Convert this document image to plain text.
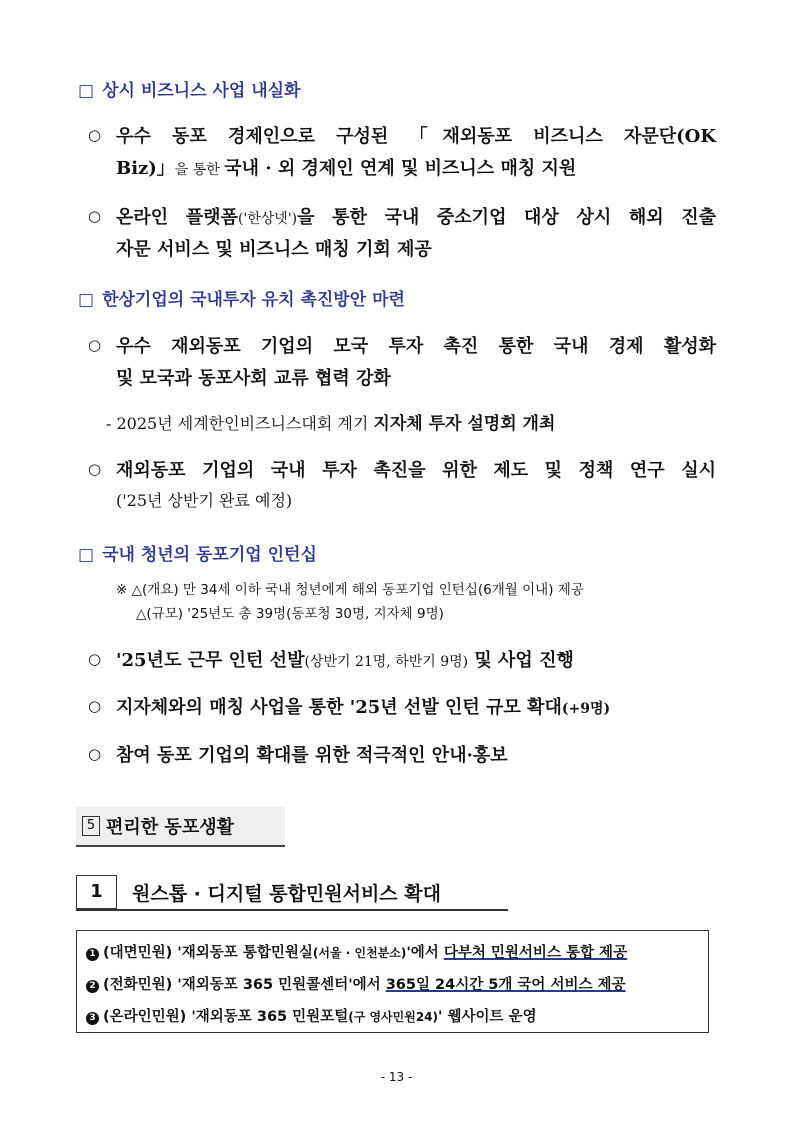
□ 상시 비즈니스 사업 내실화
○ 우수 동포 경제인으로 구성된 「재외동포 비즈니스 자문단(OK
Biz)」을 통한 국내 · 외 경제인 연계 및 비즈니스 매칭 지원
○ 온라인 플랫폼('한상넷')을 통한 국내 중소기업 대상 상시 해외 진출
자문 서비스 및 비즈니스 매칭 기회 제공
□ 한상기업의 국내투자 유치 촉진방안 마련
○ 우수 재외동포 기업의 모국 투자 촉진 통한 국내 경제 활성화
및 모국과 동포사회 교류 협력 강화
- 2025년 세계한인비즈니스대회 계기 지자체 투자 설명회 개최
○ 재외동포 기업의 국내 투자 촉진을 위한 제도 및 정책 연구 실시
('25년 상반기 완료 예정)
□ 국내 청년의 동포기업 인턴십
※ △(개요) 만 34세 이하 국내 청년에게 해외 동포기업 인턴십(6개월 이내) 제공
△(규모) '25년도 총 39명(동포청 30명, 지자체 9명)
○ '25년도 근무 인턴 선발(상반기 21명, 하반기 9명) 및 사업 진행
○ 지자체와의 매칭 사업을 통한 '25년 선발 인턴 규모 확대(+9명)
○ 참여 동포 기업의 확대를 위한 적극적인 안내·홍보
5 편리한 동포생활
1	원스톱 · 디지털 통합민원서비스 확대
1 (대면민원) '재외동포 통합민원실(서울 · 인천분소)'에서 다부처 민원서비스 통합 제공
2 (전화민원) '재외동포 365 민원콜센터'에서 365일 24시간 5개 국어 서비스 제공
3 (온라인민원) '재외동포 365 민원포털(구 영사민원24)' 웹사이트 운영
- 13 -
